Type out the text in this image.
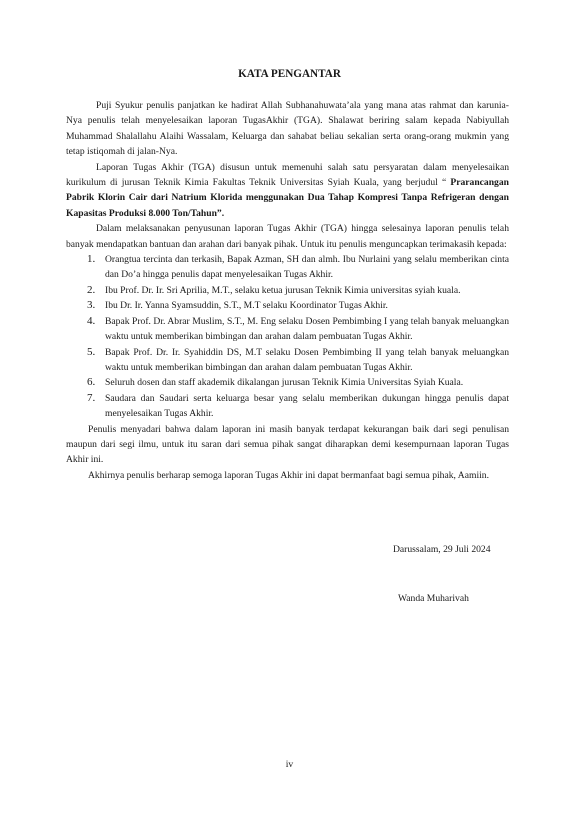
KATA PENGANTAR

Puji Syukur penulis panjatkan ke hadirat Allah Subhanahuwata’ala yang mana atas rahmat dan karunia-Nya penulis telah menyelesaikan laporan TugasAkhir (TGA). Shalawat beriring salam kepada Nabiyullah Muhammad Shalallahu Alaihi Wassalam, Keluarga dan sahabat beliau sekalian serta orang-orang mukmin yang tetap istiqomah di jalan-Nya.

Laporan Tugas Akhir (TGA) disusun untuk memenuhi salah satu persyaratan dalam menyelesaikan kurikulum di jurusan Teknik Kimia Fakultas Teknik Universitas Syiah Kuala, yang berjudul “ Prarancangan Pabrik Klorin Cair dari Natrium Klorida menggunakan Dua Tahap Kompresi Tanpa Refrigeran dengan Kapasitas Produksi 8.000 Ton/Tahun”.

Dalam melaksanakan penyusunan laporan Tugas Akhir (TGA) hingga selesainya laporan penulis telah banyak mendapatkan bantuan dan arahan dari banyak pihak. Untuk itu penulis menguncapkan terimakasih kepada:

1. Orangtua tercinta dan terkasih, Bapak Azman, SH dan almh. Ibu Nurlaini yang selalu memberikan cinta dan Do’a hingga penulis dapat menyelesaikan Tugas Akhir.
2. Ibu Prof. Dr. Ir. Sri Aprilia, M.T., selaku ketua jurusan Teknik Kimia universitas syiah kuala.
3. Ibu Dr. Ir. Yanna Syamsuddin, S.T., M.T selaku Koordinator Tugas Akhir.
4. Bapak Prof. Dr. Abrar Muslim, S.T., M. Eng selaku Dosen Pembimbing I yang telah banyak meluangkan waktu untuk memberikan bimbingan dan arahan dalam pembuatan Tugas Akhir.
5. Bapak Prof. Dr. Ir. Syahiddin DS, M.T selaku Dosen Pembimbing II yang telah banyak meluangkan waktu untuk memberikan bimbingan dan arahan dalam pembuatan Tugas Akhir.
6. Seluruh dosen dan staff akademik dikalangan jurusan Teknik Kimia Universitas Syiah Kuala.
7. Saudara dan Saudari serta keluarga besar yang selalu memberikan dukungan hingga penulis dapat menyelesaikan Tugas Akhir.

Penulis menyadari bahwa dalam laporan ini masih banyak terdapat kekurangan baik dari segi penulisan maupun dari segi ilmu, untuk itu saran dari semua pihak sangat diharapkan demi kesempurnaan laporan Tugas Akhir ini.

Akhirnya penulis berharap semoga laporan Tugas Akhir ini dapat bermanfaat bagi semua pihak, Aamiin.

Darussalam, 29 Juli 2024
Wanda Muharivah
iv
